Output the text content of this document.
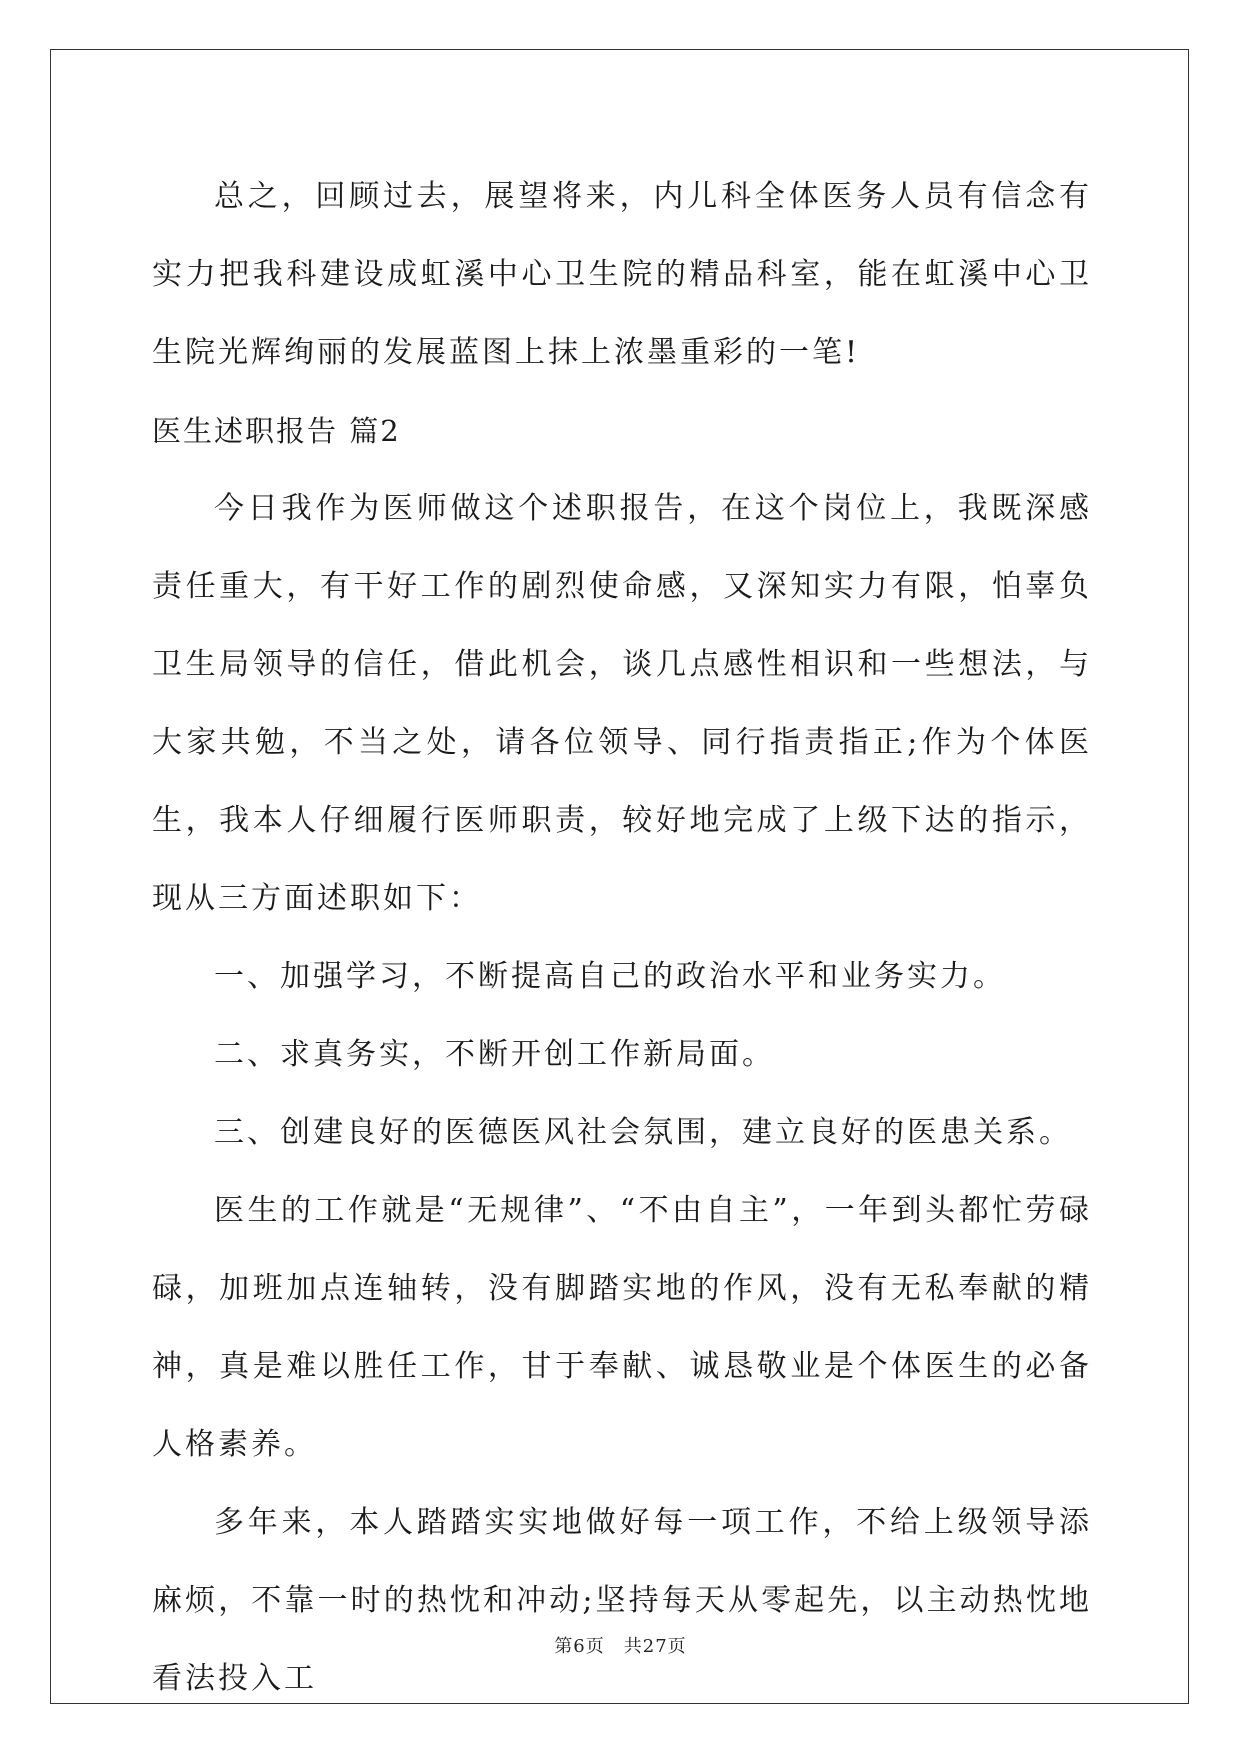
总之，回顾过去，展望将来，内儿科全体医务人员有信念有实力把我科建设成虹溪中心卫生院的精品科室，能在虹溪中心卫生院光辉绚丽的发展蓝图上抹上浓墨重彩的一笔!

医生述职报告 篇2

今日我作为医师做这个述职报告，在这个岗位上，我既深感责任重大，有干好工作的剧烈使命感，又深知实力有限，怕辜负卫生局领导的信任，借此机会，谈几点感性相识和一些想法，与大家共勉，不当之处，请各位领导、同行指责指正;作为个体医生，我本人仔细履行医师职责，较好地完成了上级下达的指示，现从三方面述职如下：

一、加强学习，不断提高自己的政治水平和业务实力。

二、求真务实，不断开创工作新局面。

三、创建良好的医德医风社会氛围，建立良好的医患关系。

医生的工作就是“无规律”、“不由自主”，一年到头都忙劳碌碌，加班加点连轴转，没有脚踏实地的作风，没有无私奉献的精神，真是难以胜任工作，甘于奉献、诚恳敬业是个体医生的必备人格素养。

多年来，本人踏踏实实地做好每一项工作，不给上级领导添麻烦，不靠一时的热忱和冲动;坚持每天从零起先，以主动热忱地看法投入工

第6页　共27页
